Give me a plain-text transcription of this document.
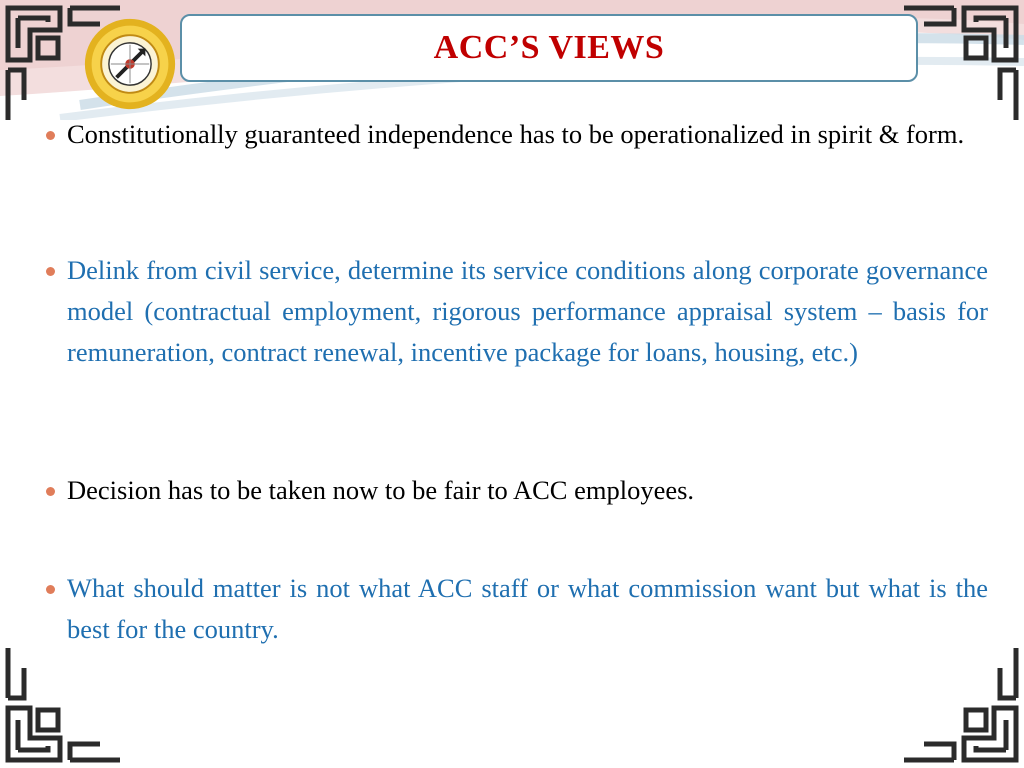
ACC’S VIEWS
Constitutionally guaranteed independence has to be operationalized in spirit & form.
Delink from civil service, determine its service conditions along corporate governance model (contractual employment, rigorous performance appraisal system – basis for remuneration, contract renewal, incentive package for loans, housing, etc.)
Decision has to be taken now to be fair to ACC employees.
What should matter is not what ACC staff or what commission want but what is the best for the country.
